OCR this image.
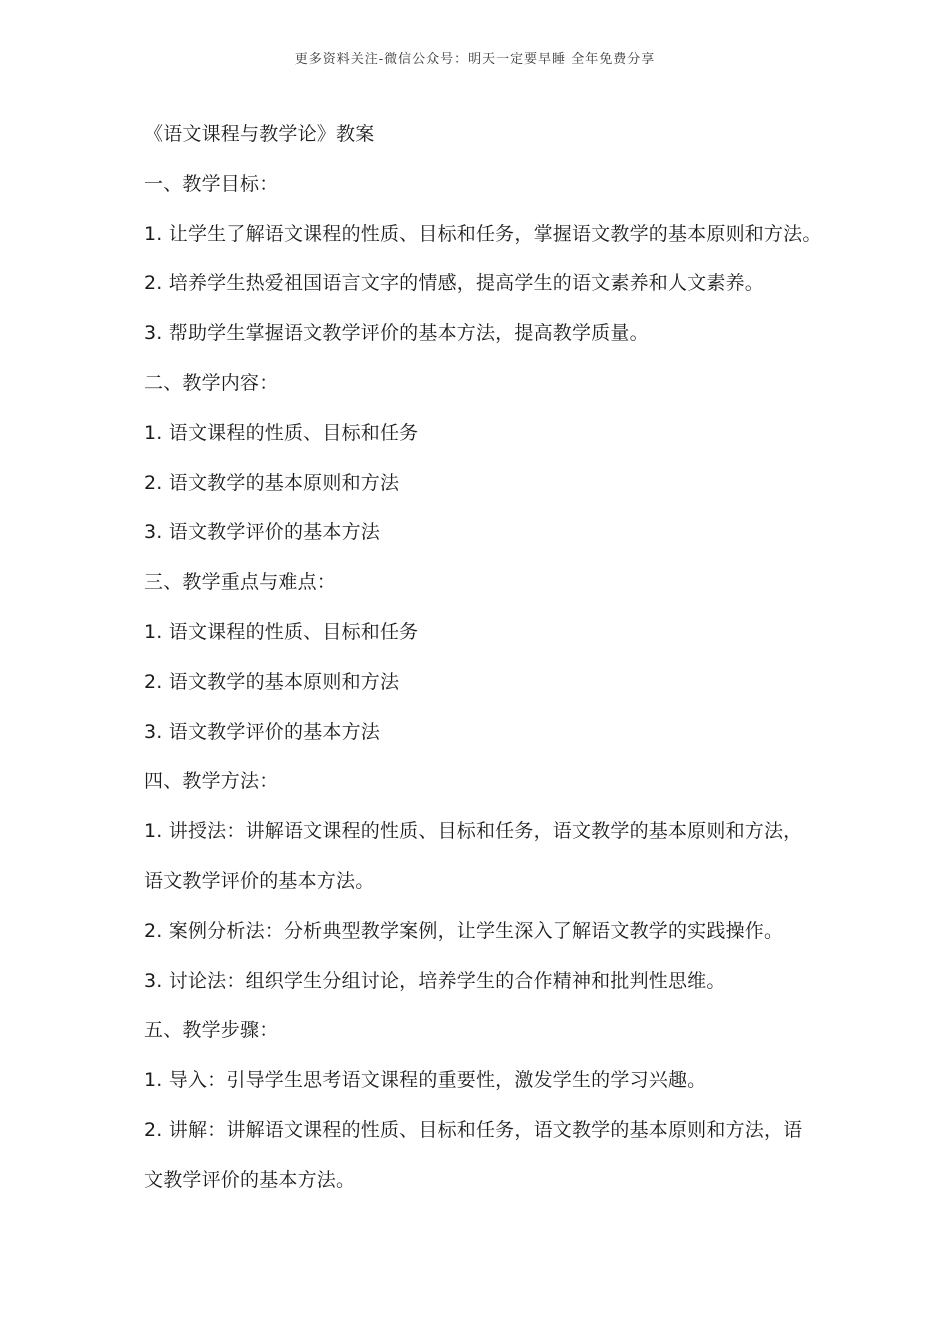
更多资料关注-微信公众号：明天一定要早睡 全年免费分享
《语文课程与教学论》教案
一、教学目标：
1. 让学生了解语文课程的性质、目标和任务，掌握语文教学的基本原则和方法。
2. 培养学生热爱祖国语言文字的情感，提高学生的语文素养和人文素养。
3. 帮助学生掌握语文教学评价的基本方法，提高教学质量。
二、教学内容：
1. 语文课程的性质、目标和任务
2. 语文教学的基本原则和方法
3. 语文教学评价的基本方法
三、教学重点与难点：
1. 语文课程的性质、目标和任务
2. 语文教学的基本原则和方法
3. 语文教学评价的基本方法
四、教学方法：
1. 讲授法：讲解语文课程的性质、目标和任务，语文教学的基本原则和方法，
语文教学评价的基本方法。
2. 案例分析法：分析典型教学案例，让学生深入了解语文教学的实践操作。
3. 讨论法：组织学生分组讨论，培养学生的合作精神和批判性思维。
五、教学步骤：
1. 导入：引导学生思考语文课程的重要性，激发学生的学习兴趣。
2. 讲解：讲解语文课程的性质、目标和任务，语文教学的基本原则和方法，语
文教学评价的基本方法。
